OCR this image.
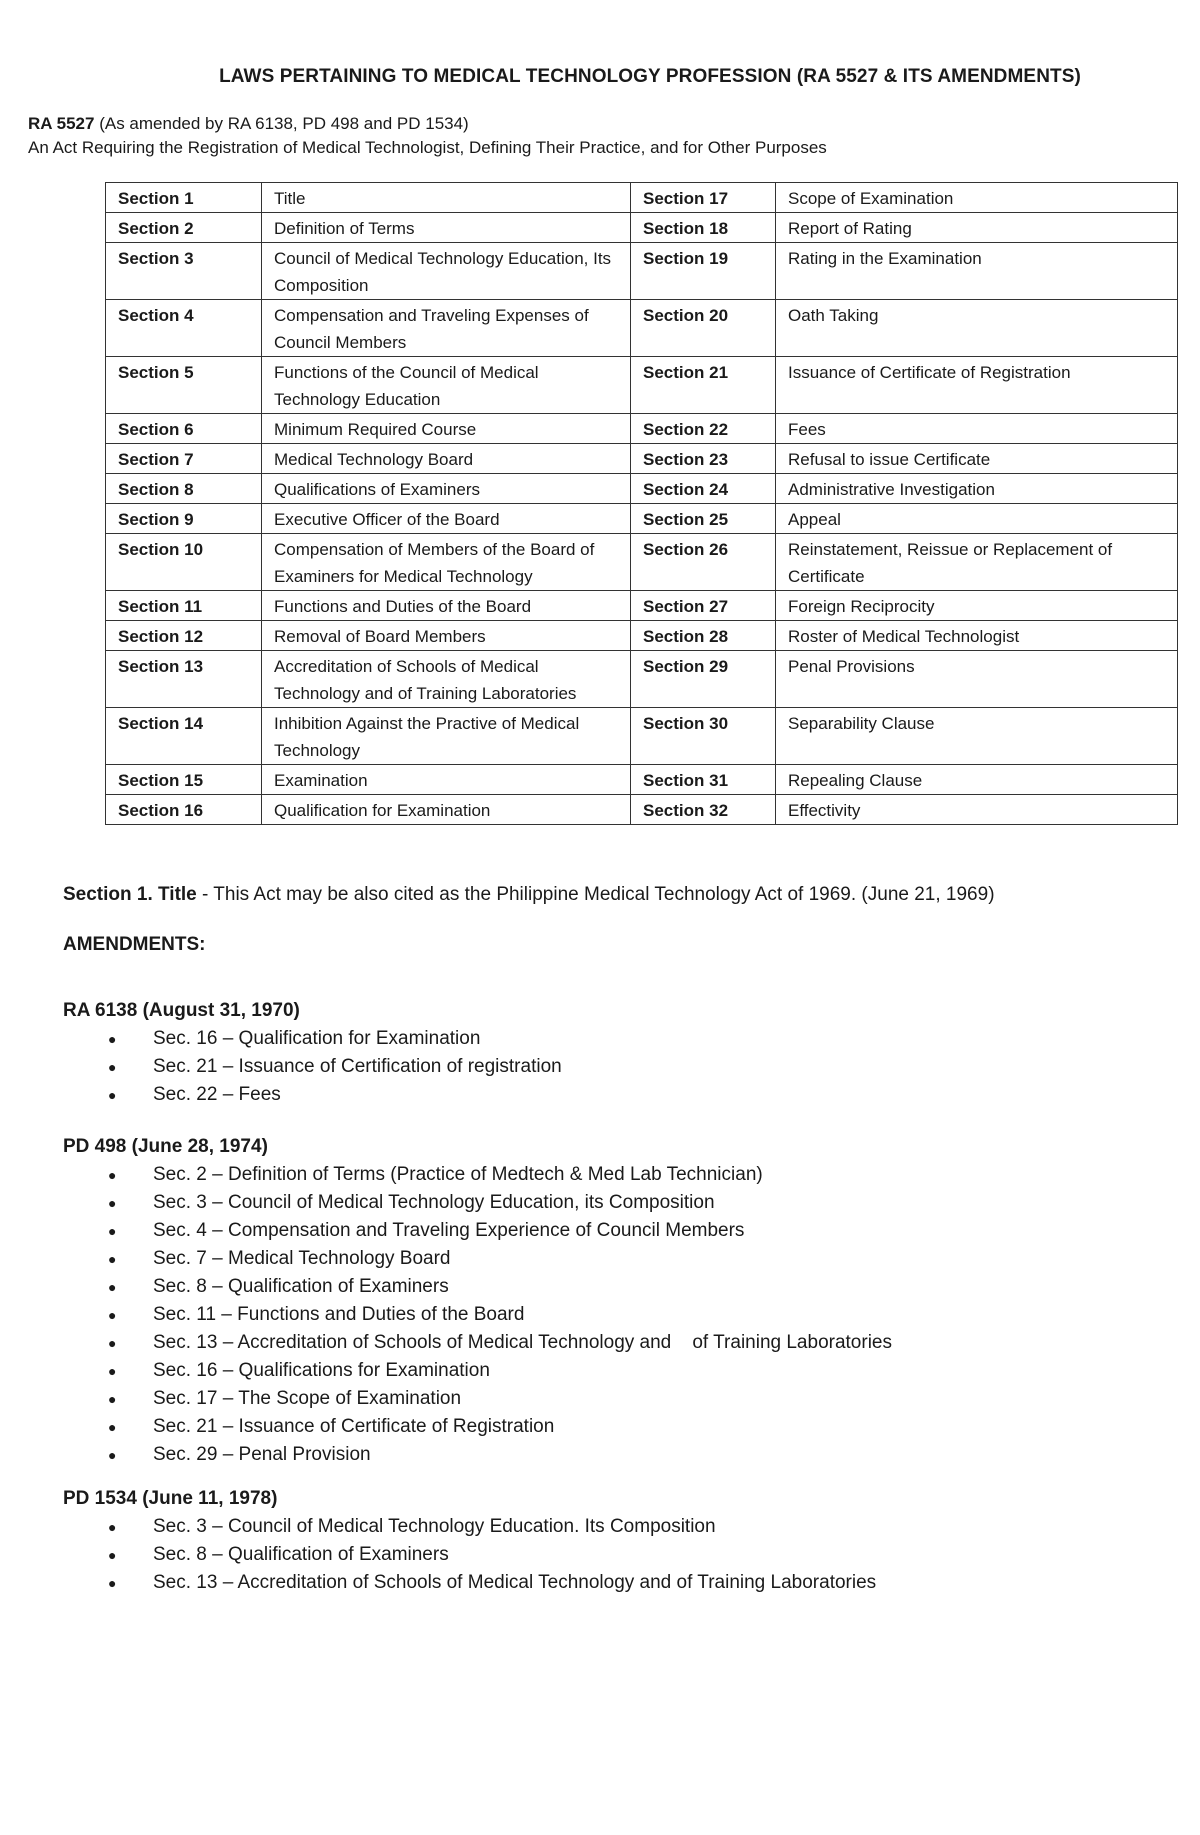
LAWS PERTAINING TO MEDICAL TECHNOLOGY PROFESSION (RA 5527 & ITS AMENDMENTS)
RA 5527 (As amended by RA 6138, PD 498 and PD 1534)
An Act Requiring the Registration of Medical Technologist, Defining Their Practice, and for Other Purposes
Section 1	Title	Section 17	Scope of Examination
Section 2	Definition of Terms	Section 18	Report of Rating
Section 3	Council of Medical Technology Education, Its Composition	Section 19	Rating in the Examination
Section 4	Compensation and Traveling Expenses of Council Members	Section 20	Oath Taking
Section 5	Functions of the Council of Medical Technology Education	Section 21	Issuance of Certificate of Registration
Section 6	Minimum Required Course	Section 22	Fees
Section 7	Medical Technology Board	Section 23	Refusal to issue Certificate
Section 8	Qualifications of Examiners	Section 24	Administrative Investigation
Section 9	Executive Officer of the Board	Section 25	Appeal
Section 10	Compensation of Members of the Board of Examiners for Medical Technology	Section 26	Reinstatement, Reissue or Replacement of Certificate
Section 11	Functions and Duties of the Board	Section 27	Foreign Reciprocity
Section 12	Removal of Board Members	Section 28	Roster of Medical Technologist
Section 13	Accreditation of Schools of Medical Technology and of Training Laboratories	Section 29	Penal Provisions
Section 14	Inhibition Against the Practive of Medical Technology	Section 30	Separability Clause
Section 15	Examination	Section 31	Repealing Clause
Section 16	Qualification for Examination	Section 32	Effectivity
Section 1. Title - This Act may be also cited as the Philippine Medical Technology Act of 1969. (June 21, 1969)
AMENDMENTS:
RA 6138 (August 31, 1970)
● Sec. 16 – Qualification for Examination
● Sec. 21 – Issuance of Certification of registration
● Sec. 22 – Fees
PD 498 (June 28, 1974)
● Sec. 2 – Definition of Terms (Practice of Medtech & Med Lab Technician)
● Sec. 3 – Council of Medical Technology Education, its Composition
● Sec. 4 – Compensation and Traveling Experience of Council Members
● Sec. 7 – Medical Technology Board
● Sec. 8 – Qualification of Examiners
● Sec. 11 – Functions and Duties of the Board
● Sec. 13 – Accreditation of Schools of Medical Technology and    of Training Laboratories
● Sec. 16 – Qualifications for Examination
● Sec. 17 – The Scope of Examination
● Sec. 21 – Issuance of Certificate of Registration
● Sec. 29 – Penal Provision
PD 1534 (June 11, 1978)
● Sec. 3 – Council of Medical Technology Education. Its Composition
● Sec. 8 – Qualification of Examiners
● Sec. 13 – Accreditation of Schools of Medical Technology and of Training Laboratories
